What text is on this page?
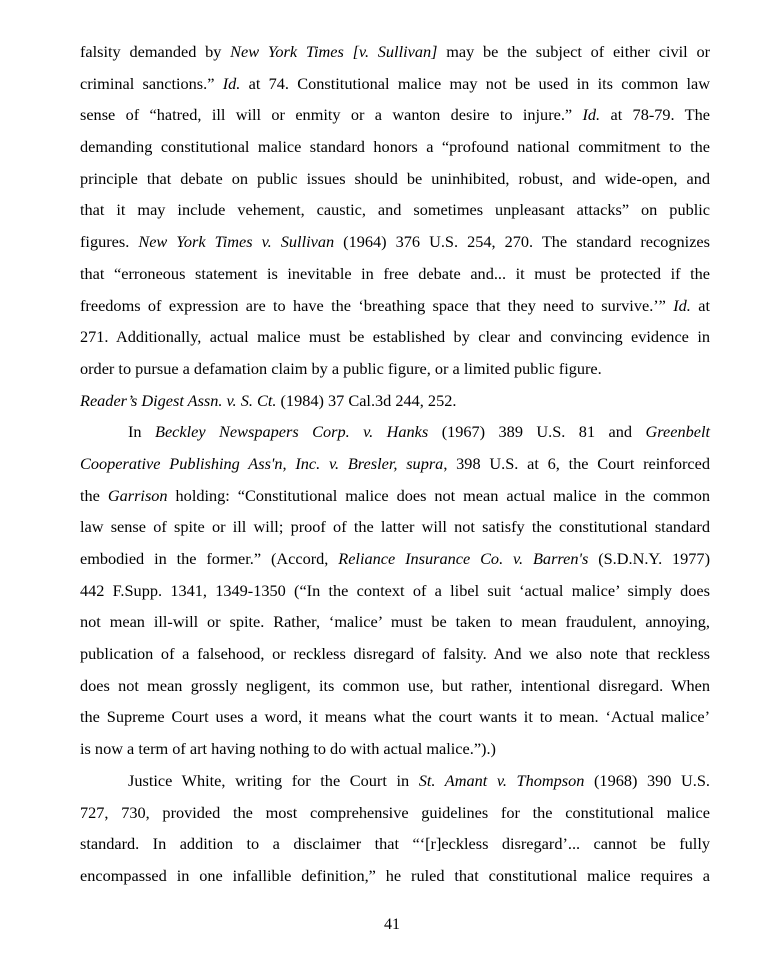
falsity demanded by New York Times [v. Sullivan] may be the subject of either civil or
criminal sanctions.” Id. at 74. Constitutional malice may not be used in its common law
sense of “hatred, ill will or enmity or a wanton desire to injure.” Id. at 78-79. The
demanding constitutional malice standard honors a “profound national commitment to the
principle that debate on public issues should be uninhibited, robust, and wide-open, and
that it may include vehement, caustic, and sometimes unpleasant attacks” on public
figures. New York Times v. Sullivan (1964) 376 U.S. 254, 270. The standard recognizes
that “erroneous statement is inevitable in free debate and... it must be protected if the
freedoms of expression are to have the ‘breathing space that they need to survive.’” Id. at
271. Additionally, actual malice must be established by clear and convincing evidence in
order to pursue a defamation claim by a public figure, or a limited public figure.
Reader’s Digest Assn. v. S. Ct. (1984) 37 Cal.3d 244, 252.
In Beckley Newspapers Corp. v. Hanks (1967) 389 U.S. 81 and Greenbelt
Cooperative Publishing Ass'n, Inc. v. Bresler, supra, 398 U.S. at 6, the Court reinforced
the Garrison holding: “Constitutional malice does not mean actual malice in the common
law sense of spite or ill will; proof of the latter will not satisfy the constitutional standard
embodied in the former.” (Accord, Reliance Insurance Co. v. Barren's (S.D.N.Y. 1977)
442 F.Supp. 1341, 1349-1350 (“In the context of a libel suit ‘actual malice’ simply does
not mean ill-will or spite. Rather, ‘malice’ must be taken to mean fraudulent, annoying,
publication of a falsehood, or reckless disregard of falsity. And we also note that reckless
does not mean grossly negligent, its common use, but rather, intentional disregard. When
the Supreme Court uses a word, it means what the court wants it to mean. ‘Actual malice’
is now a term of art having nothing to do with actual malice.”).)
Justice White, writing for the Court in St. Amant v. Thompson (1968) 390 U.S.
727, 730, provided the most comprehensive guidelines for the constitutional malice
standard. In addition to a disclaimer that “‘[r]eckless disregard’... cannot be fully
encompassed in one infallible definition,” he ruled that constitutional malice requires a
41
